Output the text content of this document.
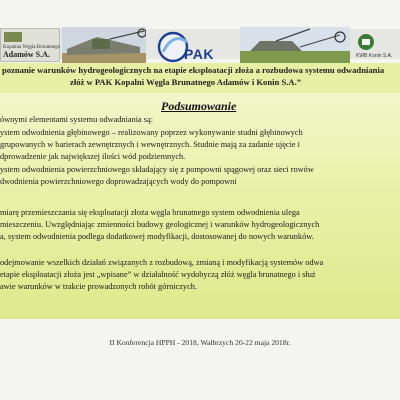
Kopalnia Węgla Brunatnego
Adamów S.A.	PAK	KWB Konin S.A.
poznanie warunków hydrogeologicznych na etapie eksploatacji złoża a rozbudowa systemu odwadniania
złóż w PAK Kopalni Węgla Brunatnego Adamów i Konin S.A.”
Podsumowanie
ównymi elementami systemu odwadniania są:
ystem odwodnienia głębinowego – realizowany poprzez wykonywanie studni głębinowych
grupowanych w barierach zewnętrznych i wewnętrznych. Studnie mają za zadanie ujęcie i
dprowadzenie jak największej ilości wód podziemnych.
ystem odwodnienia powierzchniowego składający się z pompowni spągowej oraz sieci rowów
dwodnienia powierzchniowego doprowadzających wody do pompowni
miarę przemieszczania się eksploatacji złoża węgla brunatnego system odwodnienia ulega
mieszczeniu. Uwzględniając zmienności budowy geologicznej i warunków hydrogeologicznych
a, system odwodnienia podlega dodatkowej modyfikacji, dostosowanej do nowych warunków.
odejmowanie wszelkich działań związanych z rozbudową, zmianą i modyfikacją systemów odwa
etapie eksploatacji złoża jest „wpisane” w działalność wydobyczą złóż węgla brunatnego i służ
awie warunków w trakcie prowadzonych robót górniczych.
II Konferencja HPPH - 2018, Wałbrzych 20-22 maja 2018r.
